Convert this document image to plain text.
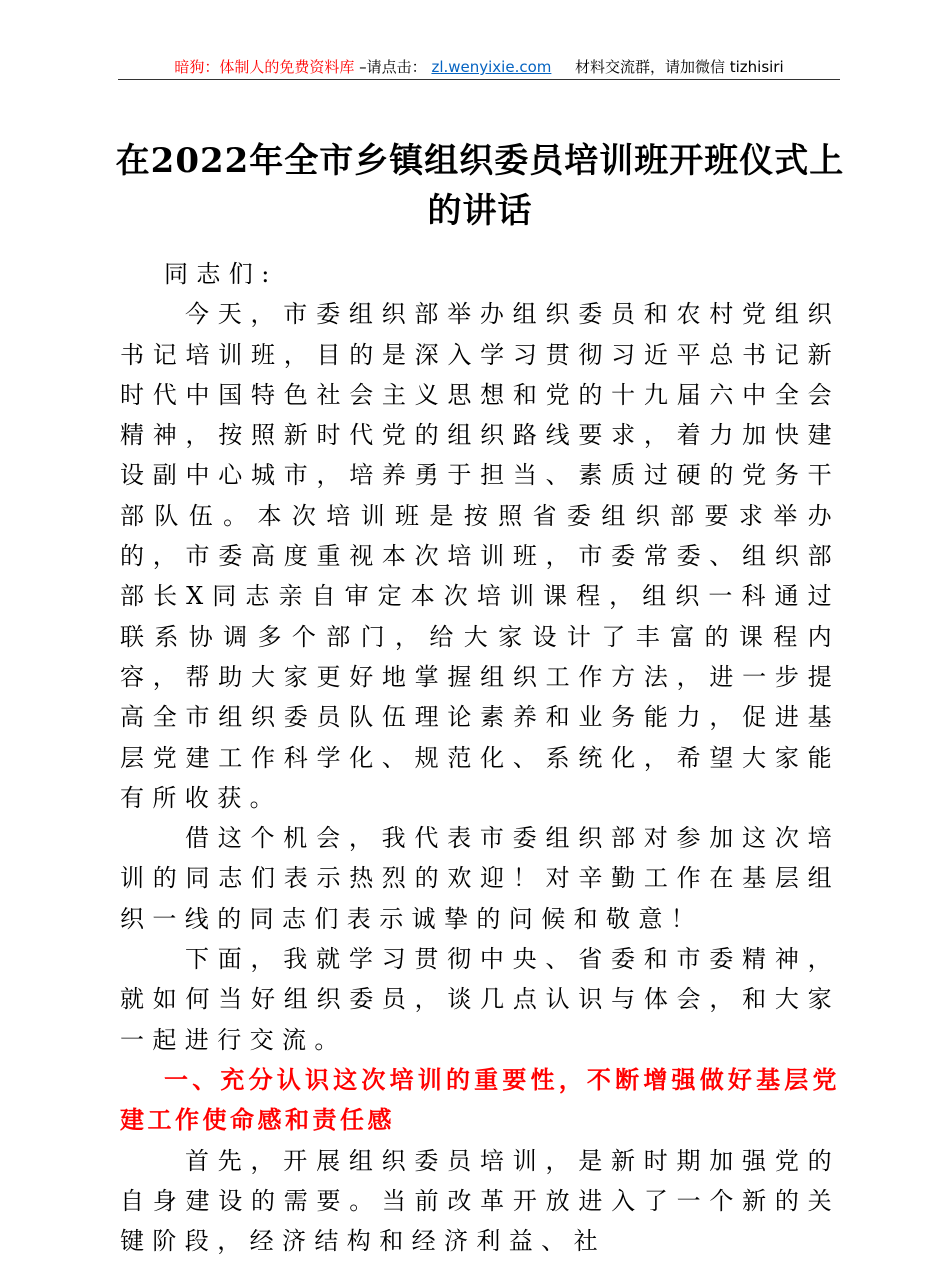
暗狗：体制人的免费资料库 –请点击： zl.wenyixie.com 材料交流群，请加微信 tizhisiri
在2022年全市乡镇组织委员培训班开班仪式上
的讲话

同志们:

今天，市委组织部举办组织委员和农村党组织书记培训班，目的是深入学习贯彻习近平总书记新时代中国特色社会主义思想和党的十九届六中全会精神，按照新时代党的组织路线要求，着力加快建设副中心城市，培养勇于担当、素质过硬的党务干部队伍。本次培训班是按照省委组织部要求举办的，市委高度重视本次培训班，市委常委、组织部部长X同志亲自审定本次培训课程，组织一科通过联系协调多个部门，给大家设计了丰富的课程内容，帮助大家更好地掌握组织工作方法，进一步提高全市组织委员队伍理论素养和业务能力，促进基层党建工作科学化、规范化、系统化，希望大家能有所收获。

借这个机会，我代表市委组织部对参加这次培训的同志们表示热烈的欢迎！对辛勤工作在基层组织一线的同志们表示诚挚的问候和敬意！

下面，我就学习贯彻中央、省委和市委精神，就如何当好组织委员，谈几点认识与体会，和大家一起进行交流。

一、充分认识这次培训的重要性，不断增强做好基层党建工作使命感和责任感

首先，开展组织委员培训，是新时期加强党的自身建设的需要。当前改革开放进入了一个新的关键阶段，经济结构和经济利益、社
